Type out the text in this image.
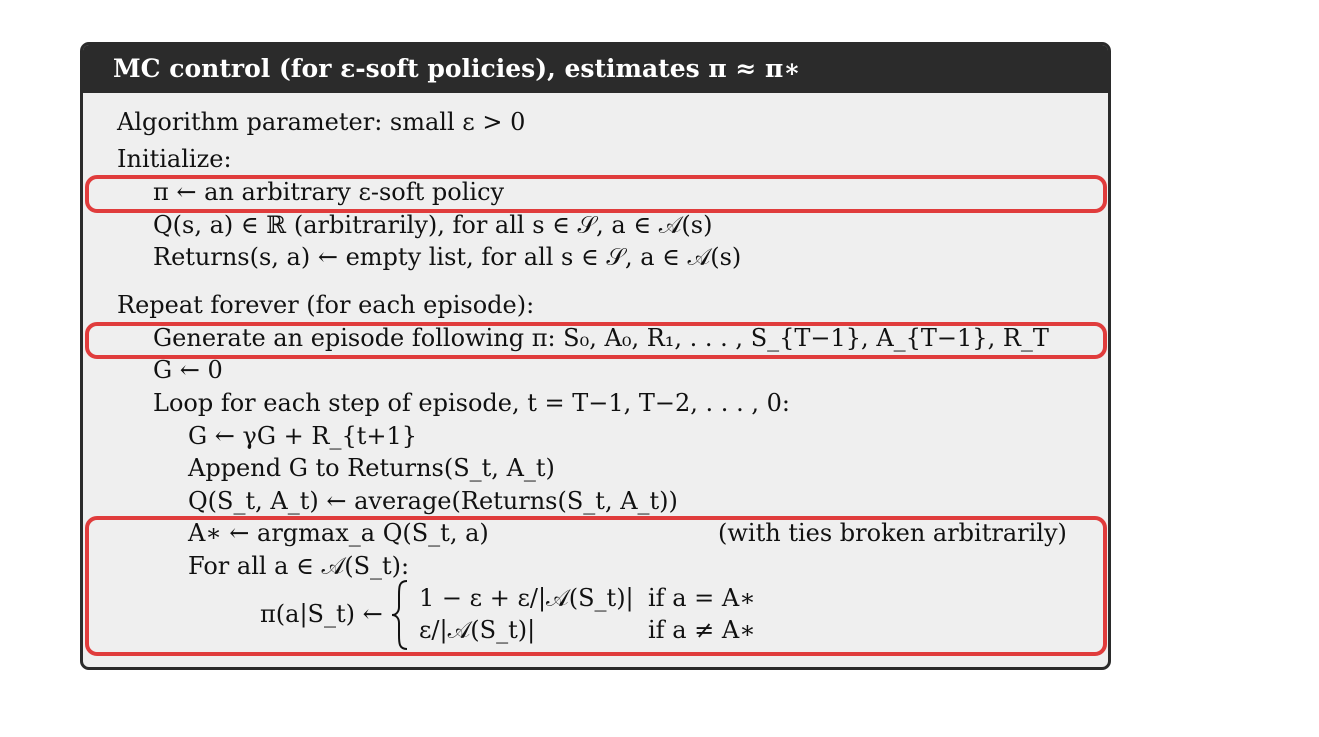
MC control (for ε-soft policies), estimates π ≈ π∗
Algorithm parameter: small ε > 0
Initialize:
π ← an arbitrary ε-soft policy
Q(s, a) ∈ ℝ (arbitrarily), for all s ∈ 𝒮, a ∈ 𝒜(s)
Returns(s, a) ← empty list, for all s ∈ 𝒮, a ∈ 𝒜(s)
Repeat forever (for each episode):
Generate an episode following π: S₀, A₀, R₁, . . . , S_{T−1}, A_{T−1}, R_T
G ← 0
Loop for each step of episode, t = T−1, T−2, . . . , 0:
G ← γG + R_{t+1}
Append G to Returns(S_t, A_t)
Q(S_t, A_t) ← average(Returns(S_t, A_t))
A∗ ← argmax_a Q(S_t, a)	(with ties broken arbitrarily)
For all a ∈ 𝒜(S_t):
π(a|S_t) ←
1 − ε + ε/|𝒜(S_t)| if a = A∗
ε/|𝒜(S_t)|	if a ≠ A∗
